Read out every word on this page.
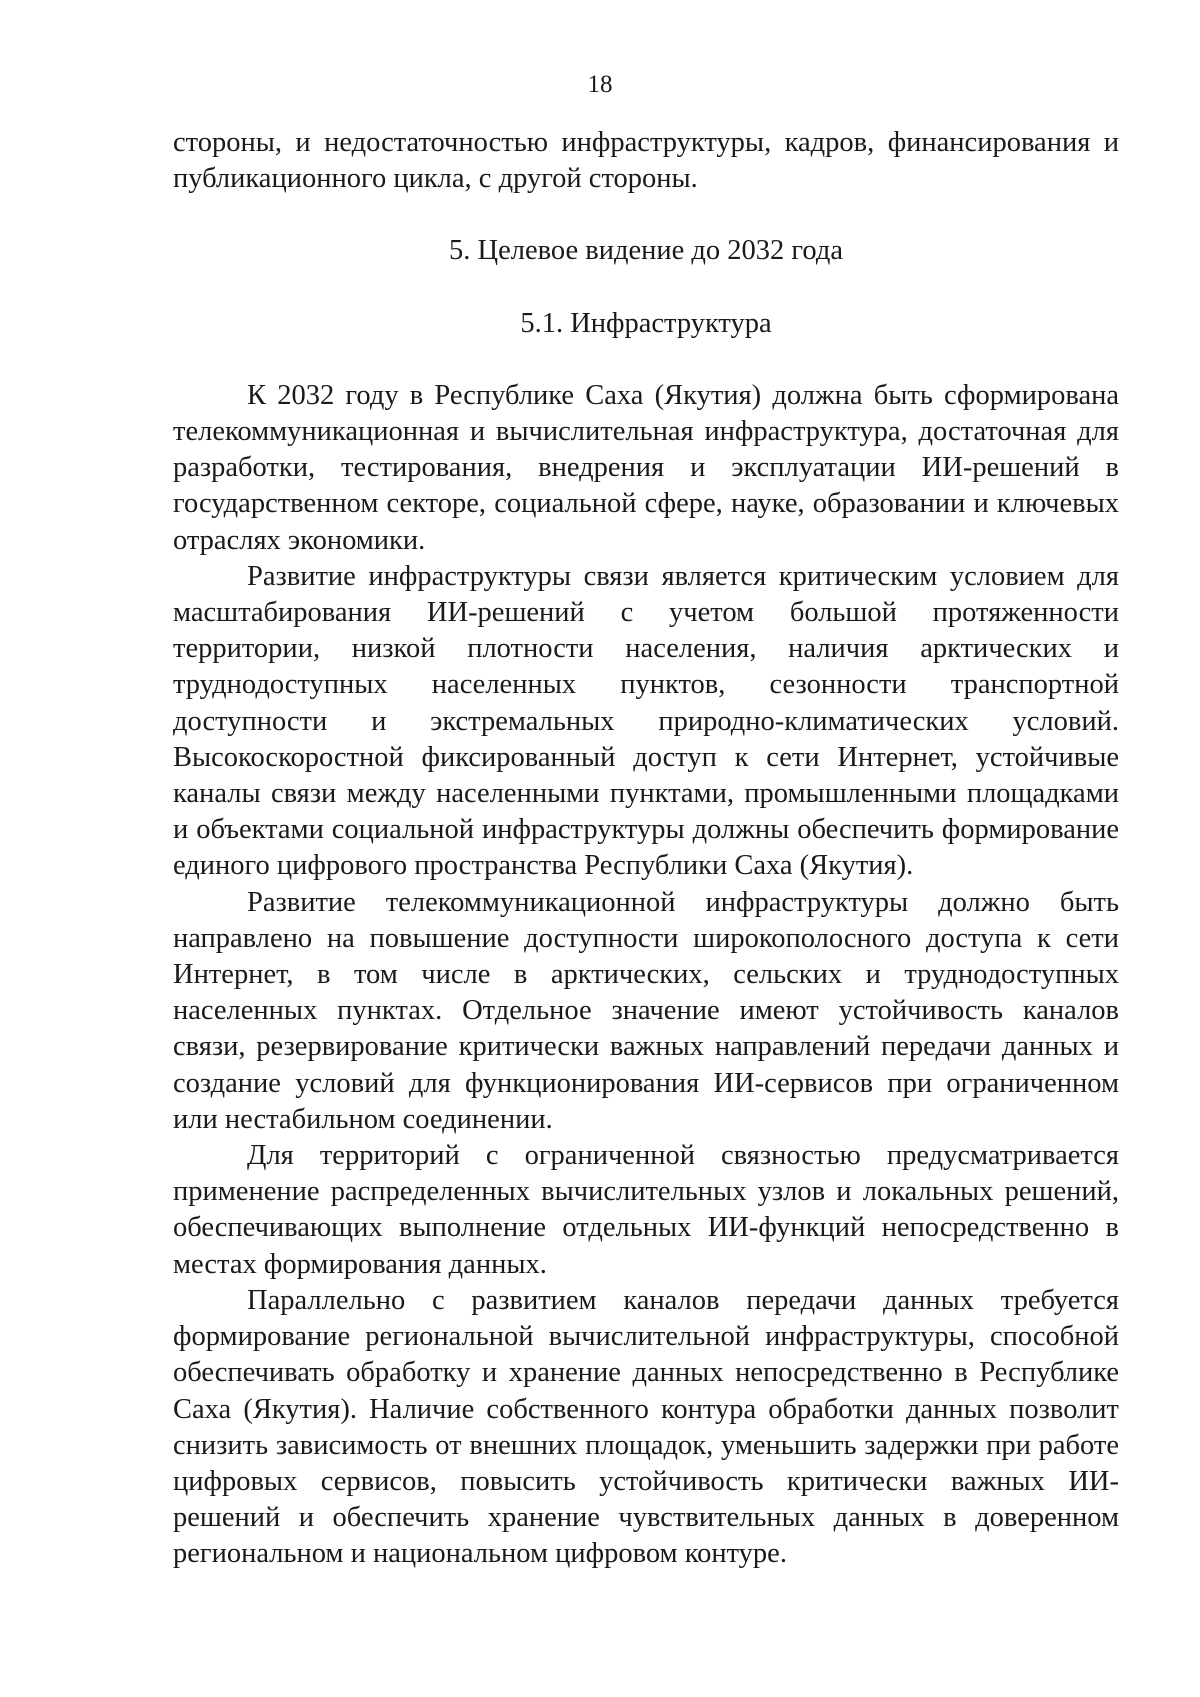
18

стороны, и недостаточностью инфраструктуры, кадров, финансирования и публикационного цикла, с другой стороны.

5. Целевое видение до 2032 года

5.1. Инфраструктура

К 2032 году в Республике Саха (Якутия) должна быть сформирована телекоммуникационная и вычислительная инфраструктура, достаточная для разработки, тестирования, внедрения и эксплуатации ИИ-решений в государственном секторе, социальной сфере, науке, образовании и ключевых отраслях экономики.

Развитие инфраструктуры связи является критическим условием для масштабирования ИИ-решений с учетом большой протяженности территории, низкой плотности населения, наличия арктических и труднодоступных населенных пунктов, сезонности транспортной доступности и экстремальных природно-климатических условий. Высокоскоростной фиксированный доступ к сети Интернет, устойчивые каналы связи между населенными пунктами, промышленными площадками и объектами социальной инфраструктуры должны обеспечить формирование единого цифрового пространства Республики Саха (Якутия).

Развитие телекоммуникационной инфраструктуры должно быть направлено на повышение доступности широкополосного доступа к сети Интернет, в том числе в арктических, сельских и труднодоступных населенных пунктах. Отдельное значение имеют устойчивость каналов связи, резервирование критически важных направлений передачи данных и создание условий для функционирования ИИ-сервисов при ограниченном или нестабильном соединении.

Для территорий с ограниченной связностью предусматривается применение распределенных вычислительных узлов и локальных решений, обеспечивающих выполнение отдельных ИИ-функций непосредственно в местах формирования данных.

Параллельно с развитием каналов передачи данных требуется формирование региональной вычислительной инфраструктуры, способной обеспечивать обработку и хранение данных непосредственно в Республике Саха (Якутия). Наличие собственного контура обработки данных позволит снизить зависимость от внешних площадок, уменьшить задержки при работе цифровых сервисов, повысить устойчивость критически важных ИИ-решений и обеспечить хранение чувствительных данных в доверенном региональном и национальном цифровом контуре.
